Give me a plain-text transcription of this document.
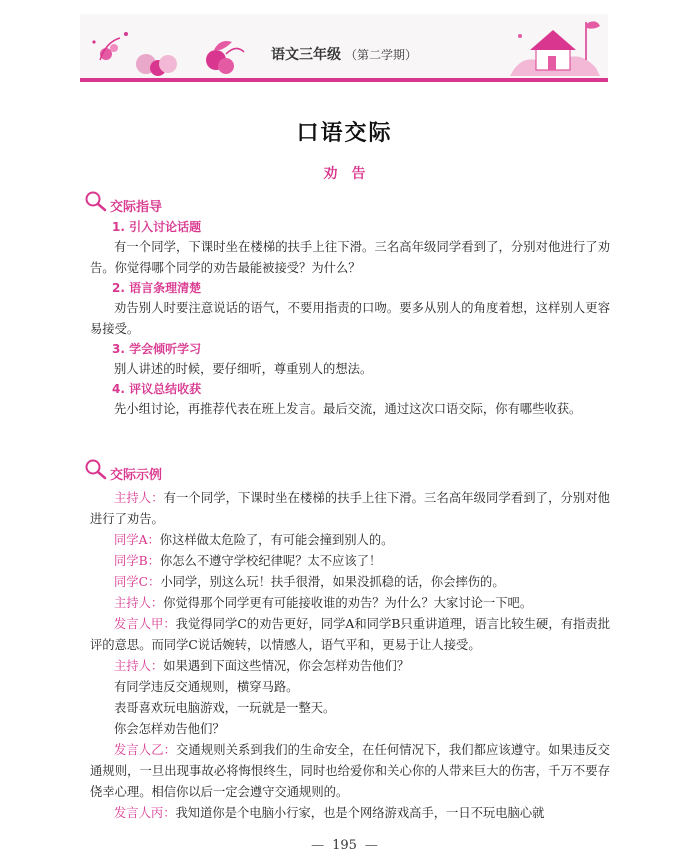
语文三年级 （第二学期）
口语交际
劝告
交际指导
1. 引入讨论话题

有一个同学，下课时坐在楼梯的扶手上往下滑。三名高年级同学看到了，分别对他进行了劝告。你觉得哪个同学的劝告最能被接受？为什么？

2. 语言条理清楚

劝告别人时要注意说话的语气，不要用指责的口吻。要多从别人的角度着想，这样别人更容易接受。

3. 学会倾听学习

别人讲述的时候，要仔细听，尊重别人的想法。

4. 评议总结收获

先小组讨论，再推荐代表在班上发言。最后交流，通过这次口语交际，你有哪些收获。

交际示例

主持人：有一个同学，下课时坐在楼梯的扶手上往下滑。三名高年级同学看到了，分别对他进行了劝告。

同学A：你这样做太危险了，有可能会撞到别人的。

同学B：你怎么不遵守学校纪律呢？太不应该了！

同学C：小同学，别这么玩！扶手很滑，如果没抓稳的话，你会摔伤的。

主持人：你觉得那个同学更有可能接收谁的劝告？为什么？大家讨论一下吧。

发言人甲：我觉得同学C的劝告更好，同学A和同学B只重讲道理，语言比较生硬，有指责批评的意思。而同学C说话婉转，以情感人，语气平和，更易于让人接受。

主持人：如果遇到下面这些情况，你会怎样劝告他们？

有同学违反交通规则，横穿马路。

表哥喜欢玩电脑游戏，一玩就是一整天。

你会怎样劝告他们？

发言人乙：交通规则关系到我们的生命安全，在任何情况下，我们都应该遵守。如果违反交通规则，一旦出现事故必将悔恨终生，同时也给爱你和关心你的人带来巨大的伤害，千万不要存侥幸心理。相信你以后一定会遵守交通规则的。

发言人丙：我知道你是个电脑小行家，也是个网络游戏高手，一日不玩电脑心就

— 195 —
